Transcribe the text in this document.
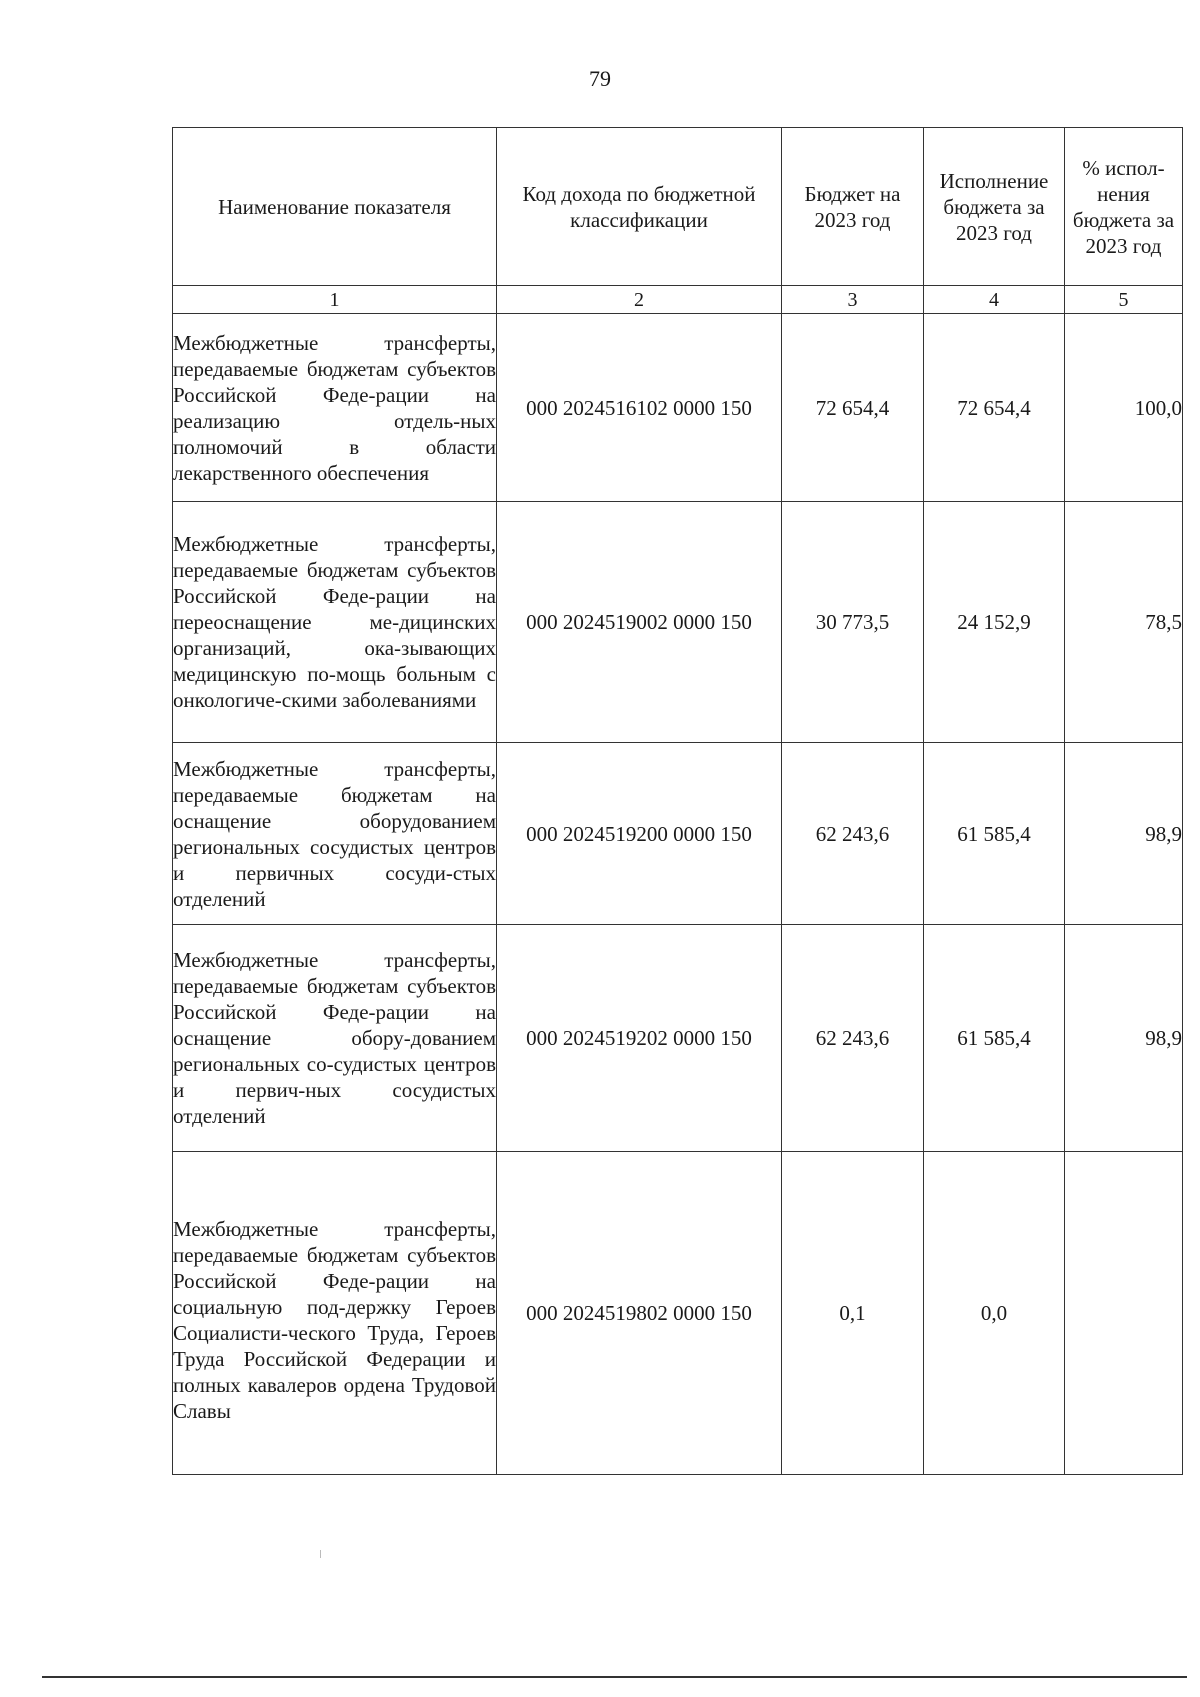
79
Наименование показателя	Код дохода по бюджетной классификации	Бюджет на 2023 год	Исполнение бюджета за 2023 год	% испол-нения бюджета за 2023 год
1	2	3	4	5
Межбюджетные трансферты, передаваемые бюджетам субъектов Российской Феде-рации на реализацию отдель-ных полномочий в области лекарственного обеспечения	000 2024516102 0000 150	72 654,4	72 654,4	100,0
Межбюджетные трансферты, передаваемые бюджетам субъектов Российской Феде-рации на переоснащение ме-дицинских организаций, ока-зывающих медицинскую по-мощь больным с онкологиче-скими заболеваниями	000 2024519002 0000 150	30 773,5	24 152,9	78,5
Межбюджетные трансферты, передаваемые бюджетам на оснащение оборудованием региональных сосудистых центров и первичных сосуди-стых отделений	000 2024519200 0000 150	62 243,6	61 585,4	98,9
Межбюджетные трансферты, передаваемые бюджетам субъектов Российской Феде-рации на оснащение обору-дованием региональных со-судистых центров и первич-ных сосудистых отделений	000 2024519202 0000 150	62 243,6	61 585,4	98,9
Межбюджетные трансферты, передаваемые бюджетам субъектов Российской Феде-рации на социальную под-держку Героев Социалисти-ческого Труда, Героев Труда Российской Федерации и полных кавалеров ордена Трудовой Славы	000 2024519802 0000 150	0,1	0,0	
